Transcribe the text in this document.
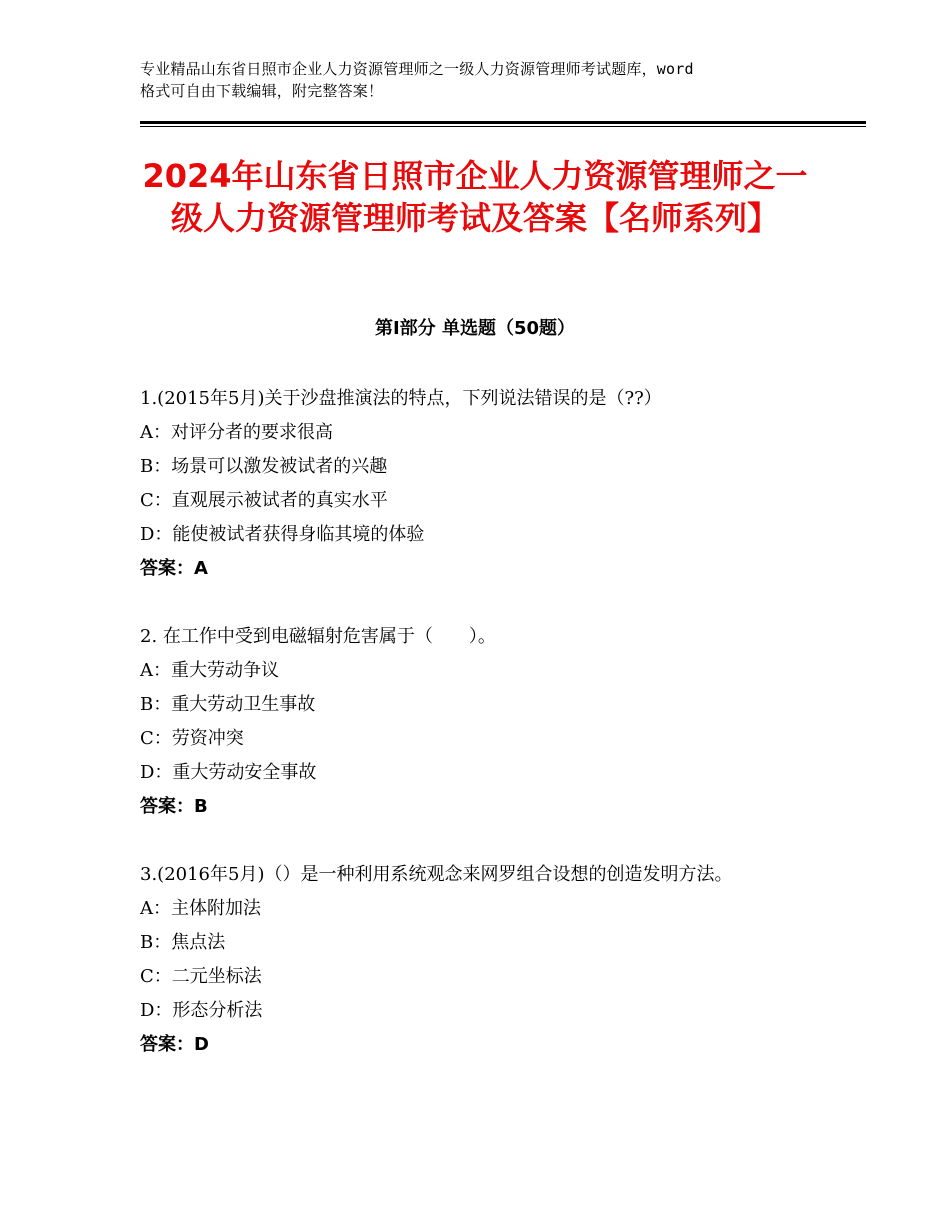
专业精品山东省日照市企业人力资源管理师之一级人力资源管理师考试题库，word
格式可自由下载编辑，附完整答案！
2024年山东省日照市企业人力资源管理师之一级人力资源管理师考试及答案【名师系列】
第Ⅰ部分 单选题（50题）
1.(2015年5月)关于沙盘推演法的特点，下列说法错误的是（??）
A：对评分者的要求很高
B：场景可以激发被试者的兴趣
C：直观展示被试者的真实水平
D：能使被试者获得身临其境的体验
答案：A
2. 在工作中受到电磁辐射危害属于（　　）。
A：重大劳动争议
B：重大劳动卫生事故
C：劳资冲突
D：重大劳动安全事故
答案：B
3.(2016年5月)（）是一种利用系统观念来网罗组合设想的创造发明方法。
A：主体附加法
B：焦点法
C：二元坐标法
D：形态分析法
答案：D
